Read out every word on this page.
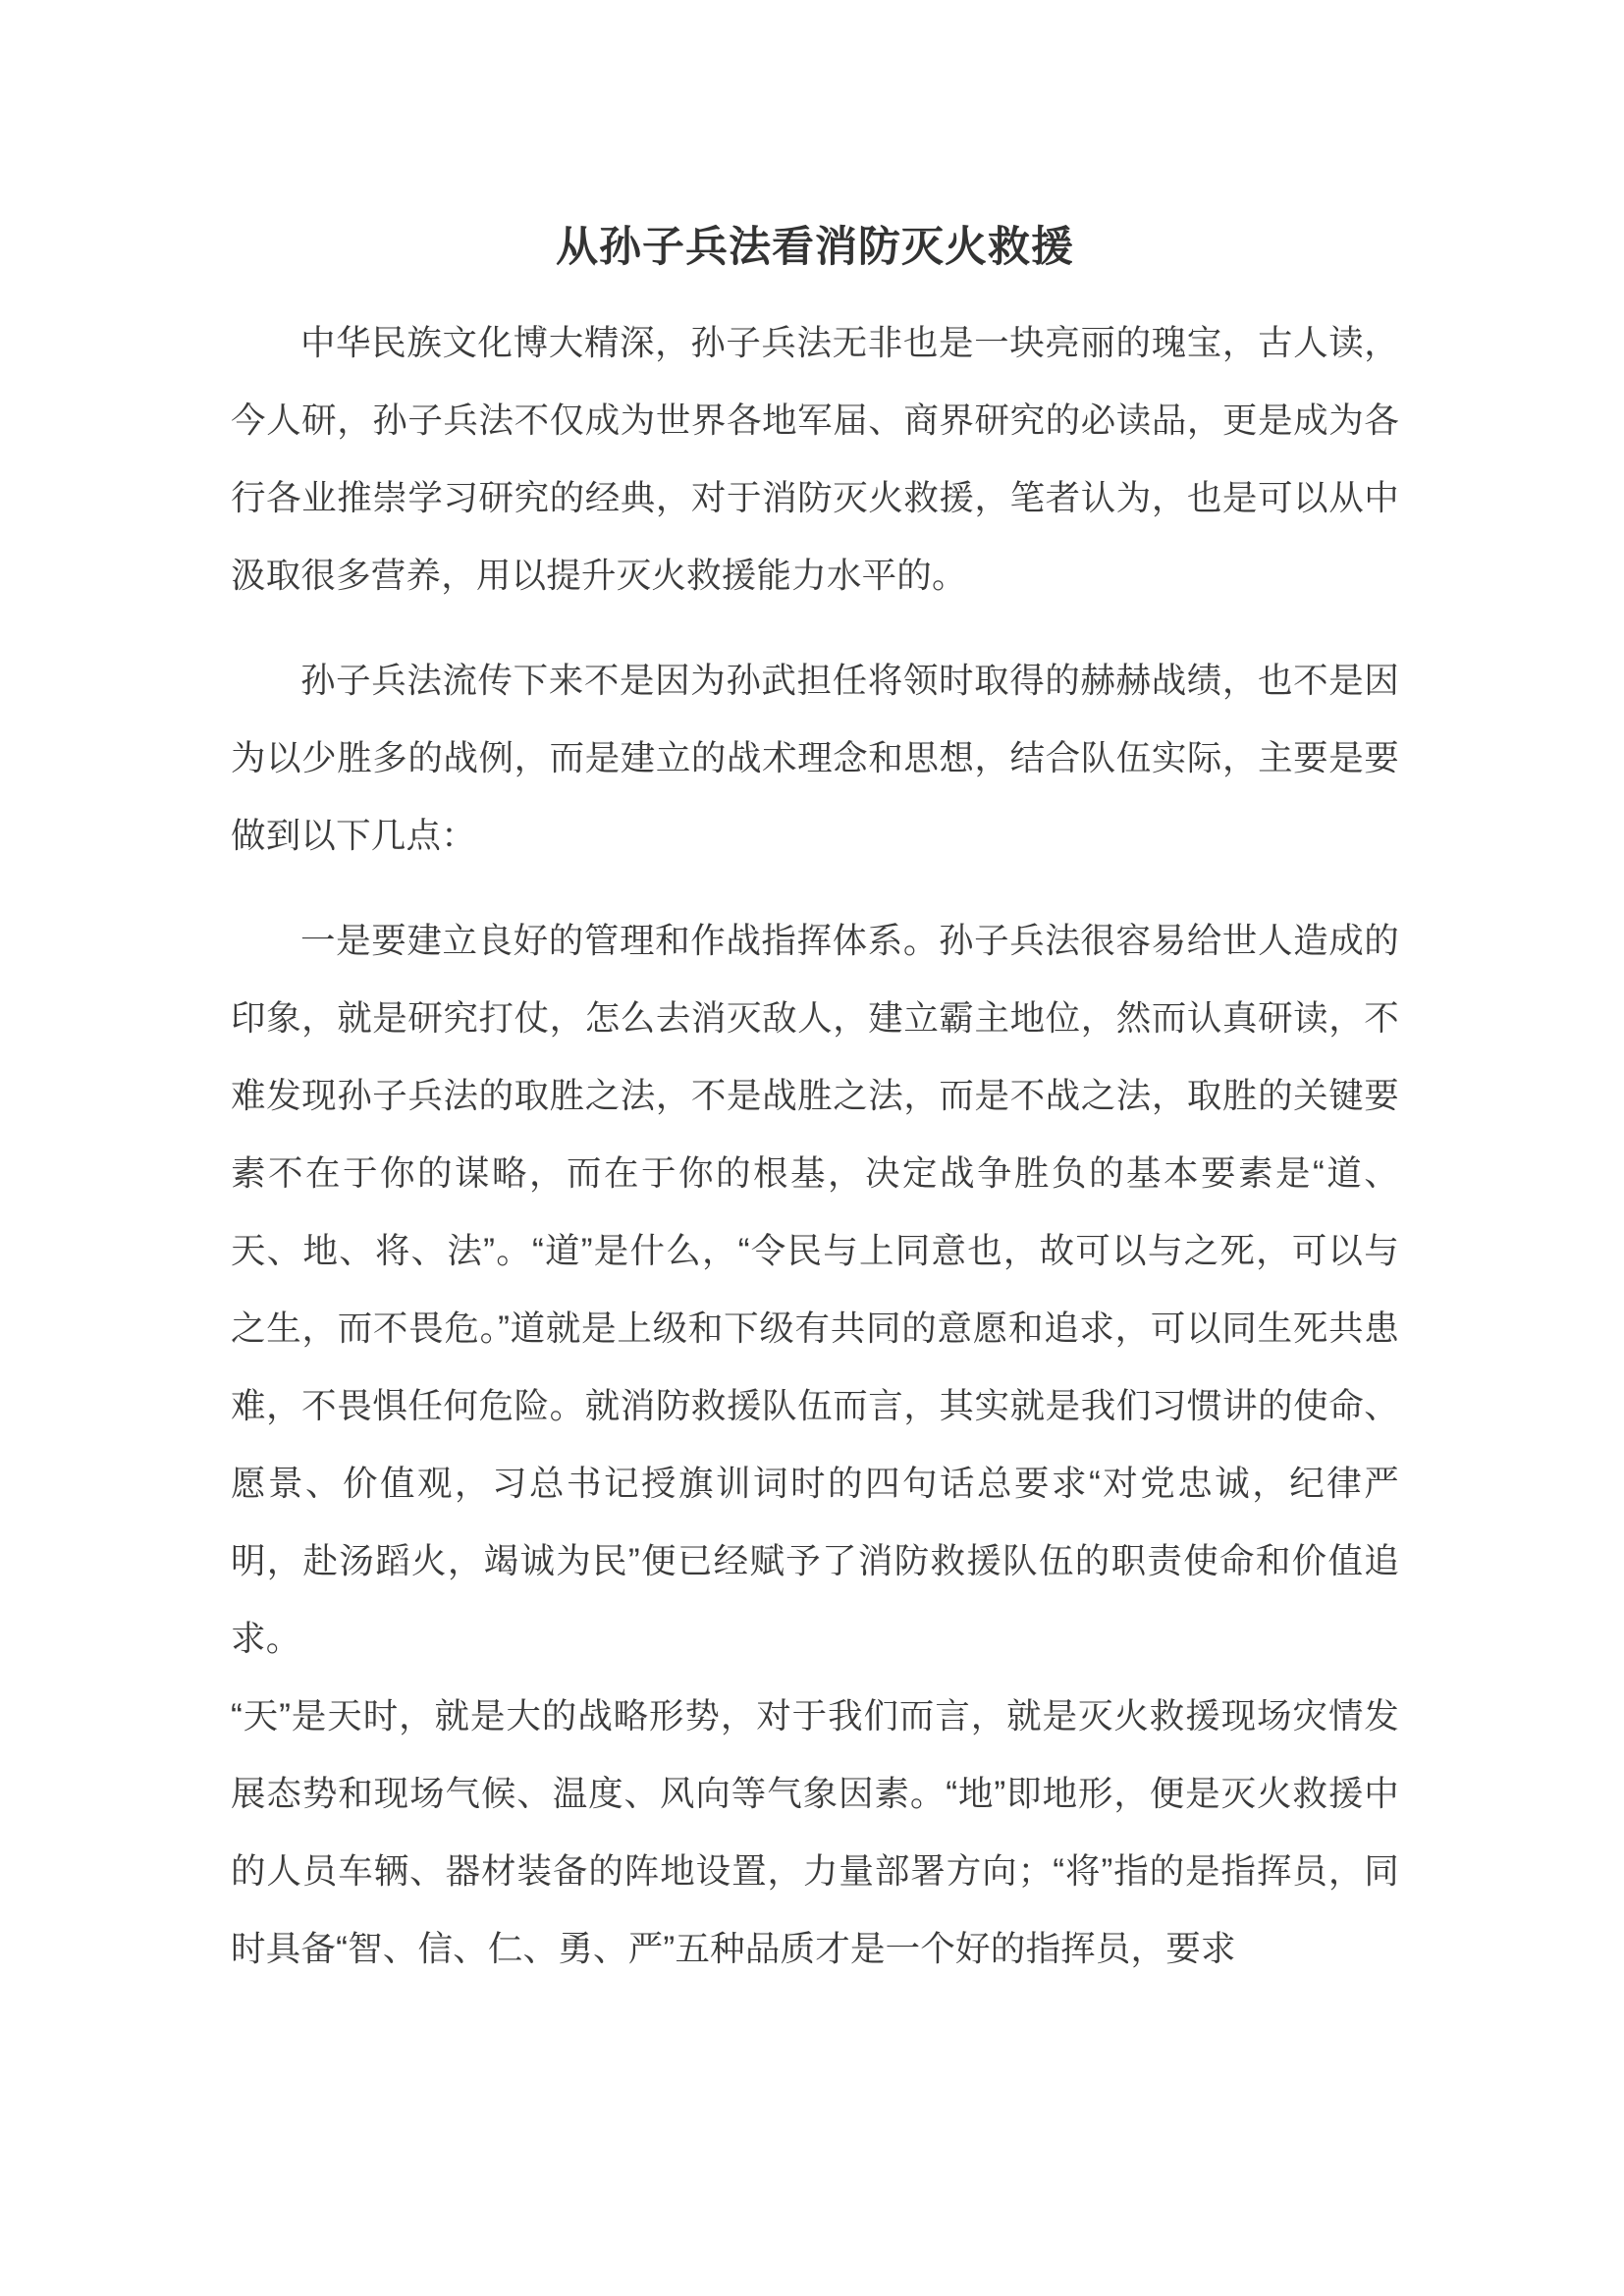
从孙子兵法看消防灭火救援

中华民族文化博大精深，孙子兵法无非也是一块亮丽的瑰宝，古人读，今人研，孙子兵法不仅成为世界各地军届、商界研究的必读品，更是成为各行各业推崇学习研究的经典，对于消防灭火救援，笔者认为，也是可以从中汲取很多营养，用以提升灭火救援能力水平的。

孙子兵法流传下来不是因为孙武担任将领时取得的赫赫战绩，也不是因为以少胜多的战例，而是建立的战术理念和思想，结合队伍实际，主要是要做到以下几点：

一是要建立良好的管理和作战指挥体系。孙子兵法很容易给世人造成的印象，就是研究打仗，怎么去消灭敌人，建立霸主地位，然而认真研读，不难发现孙子兵法的取胜之法，不是战胜之法，而是不战之法，取胜的关键要素不在于你的谋略，而在于你的根基，决定战争胜负的基本要素是“道、天、地、将、法”。“道”是什么，“令民与上同意也，故可以与之死，可以与之生，而不畏危。”道就是上级和下级有共同的意愿和追求，可以同生死共患难，不畏惧任何危险。就消防救援队伍而言，其实就是我们习惯讲的使命、愿景、价值观，习总书记授旗训词时的四句话总要求“对党忠诚，纪律严明，赴汤蹈火，竭诚为民”便已经赋予了消防救援队伍的职责使命和价值追求。

“天”是天时，就是大的战略形势，对于我们而言，就是灭火救援现场灾情发展态势和现场气候、温度、风向等气象因素。“地”即地形，便是灭火救援中的人员车辆、器材装备的阵地设置，力量部署方向；“将”指的是指挥员，同时具备“智、信、仁、勇、严”五种品质才是一个好的指挥员，要求
